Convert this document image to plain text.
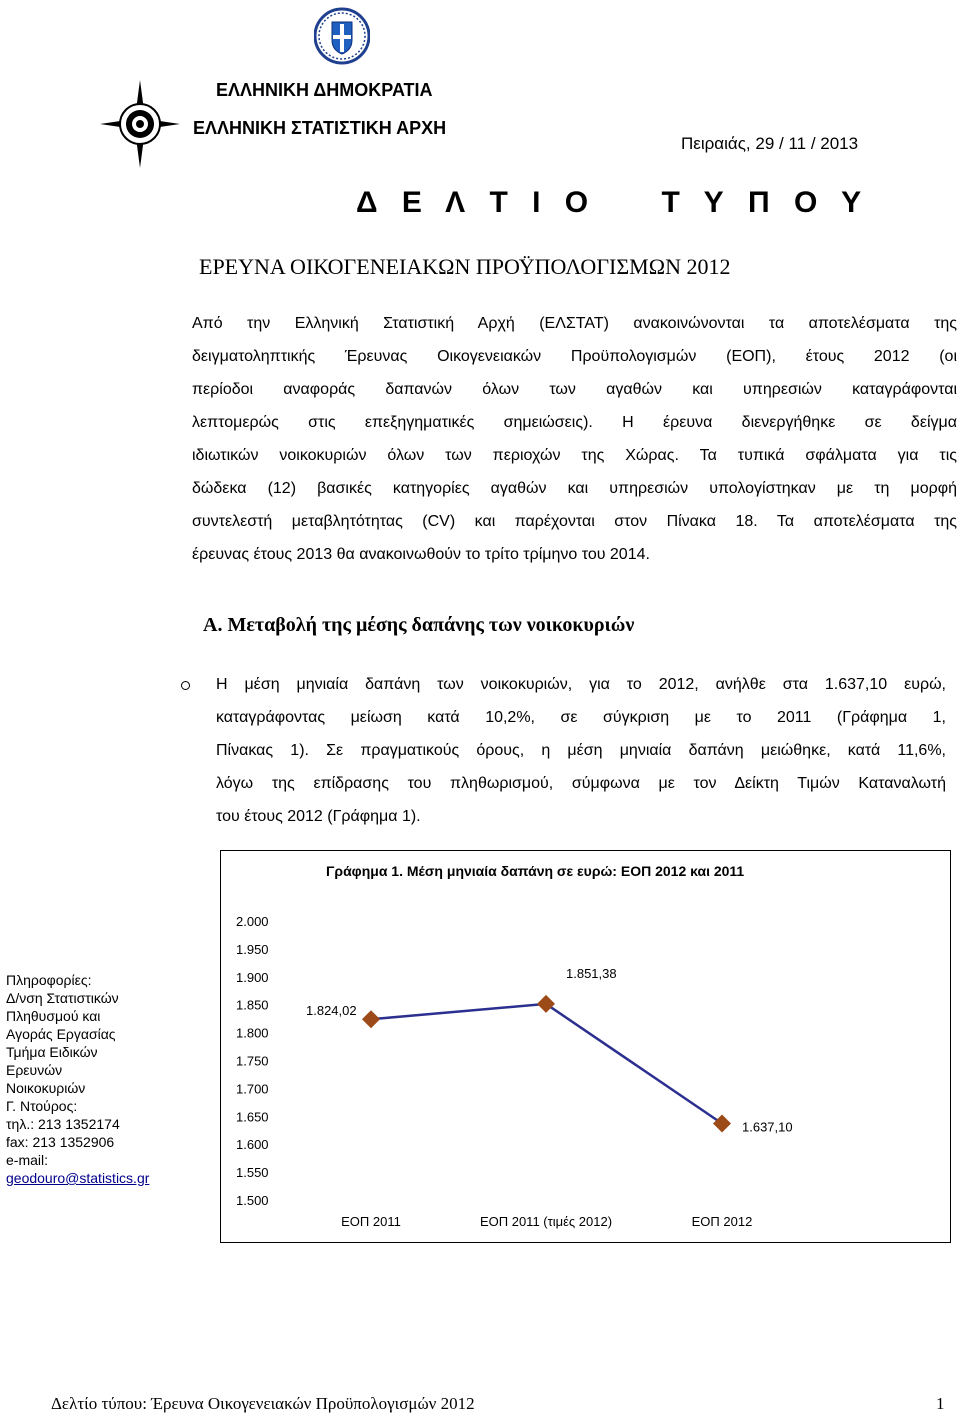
ΕΛΛΗΝΙΚΗ ΔΗΜΟΚΡΑΤΙΑ
ΕΛΛΗΝΙΚΗ ΣΤΑΤΙΣΤΙΚΗ ΑΡΧΗ
Πειραιάς, 29 / 11 / 2013
Δ Ε Λ Τ Ι Ο    Τ Υ Π Ο Υ
ΕΡΕΥΝΑ ΟΙΚΟΓΕΝΕΙΑΚΩΝ ΠΡΟΫΠΟΛΟΓΙΣΜΩΝ 2012
Από την Ελληνική Στατιστική Αρχή (ΕΛΣΤΑΤ) ανακοινώνονται τα αποτελέσματα της
δειγματοληπτικής Έρευνας Οικογενειακών Προϋπολογισμών (ΕΟΠ), έτους 2012 (οι
περίοδοι αναφοράς δαπανών όλων των αγαθών και υπηρεσιών καταγράφονται
λεπτομερώς στις επεξηγηματικές σημειώσεις). Η έρευνα διενεργήθηκε σε δείγμα
ιδιωτικών νοικοκυριών όλων των περιοχών της Χώρας. Τα τυπικά σφάλματα για τις
δώδεκα (12) βασικές κατηγορίες αγαθών και υπηρεσιών υπολογίστηκαν με τη μορφή
συντελεστή μεταβλητότητας (CV) και παρέχονται στον Πίνακα 18. Τα αποτελέσματα της
έρευνας έτους 2013 θα ανακοινωθούν το τρίτο τρίμηνο του 2014.
Α. Μεταβολή της μέσης δαπάνης των νοικοκυριών
Η μέση μηνιαία δαπάνη των νοικοκυριών, για το 2012, ανήλθε στα 1.637,10 ευρώ,
καταγράφοντας μείωση κατά 10,2%, σε σύγκριση με το 2011 (Γράφημα 1,
Πίνακας 1). Σε πραγματικούς όρους, η μέση μηνιαία δαπάνη μειώθηκε, κατά 11,6%,
λόγω της επίδρασης του πληθωρισμού, σύμφωνα με τον Δείκτη Τιμών Καταναλωτή
του έτους 2012 (Γράφημα 1).
Γράφημα 1. Μέση μηνιαία δαπάνη σε ευρώ: ΕΟΠ 2012 και 2011
2.000
1.950
1.900
1.850
1.800
1.750
1.700
1.650
1.600
1.550
1.500
1.824,02
1.851,38
1.637,10
ΕΟΠ 2011	ΕΟΠ 2011 (τιμές 2012)	ΕΟΠ 2012
Πληροφορίες:
Δ/νση Στατιστικών
Πληθυσμού και
Αγοράς Εργασίας
Τμήμα Ειδικών
Ερευνών
Νοικοκυριών
Γ. Ντούρος:
τηλ.: 213 1352174
fax: 213 1352906
e-mail:
geodouro@statistics.gr
Δελτίο τύπου: Έρευνα Οικογενειακών Προϋπολογισμών 2012	1
